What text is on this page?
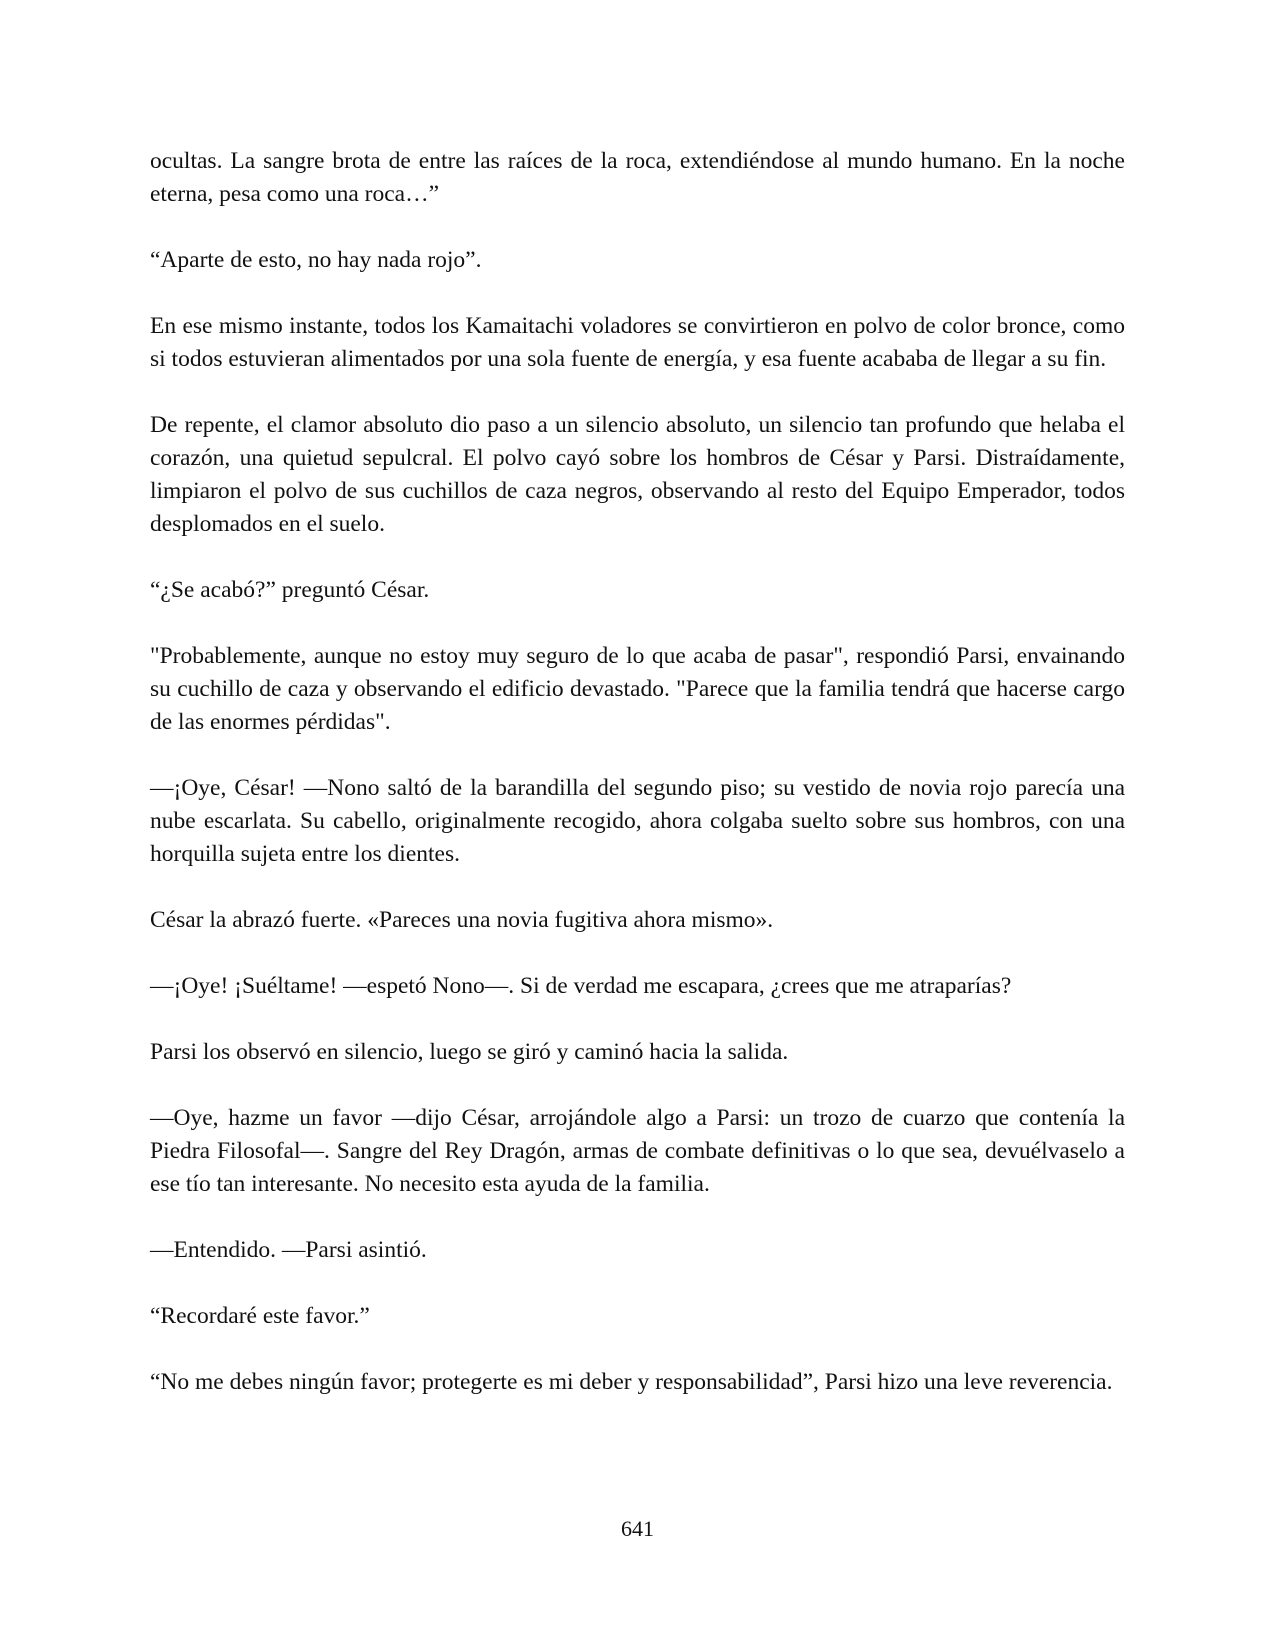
ocultas. La sangre brota de entre las raíces de la roca, extendiéndose al mundo humano. En la noche eterna, pesa como una roca…”

“Aparte de esto, no hay nada rojo”.

En ese mismo instante, todos los Kamaitachi voladores se convirtieron en polvo de color bronce, como si todos estuvieran alimentados por una sola fuente de energía, y esa fuente acababa de llegar a su fin.

De repente, el clamor absoluto dio paso a un silencio absoluto, un silencio tan profundo que helaba el corazón, una quietud sepulcral. El polvo cayó sobre los hombros de César y Parsi. Distraídamente, limpiaron el polvo de sus cuchillos de caza negros, observando al resto del Equipo Emperador, todos desplomados en el suelo.

“¿Se acabó?” preguntó César.

"Probablemente, aunque no estoy muy seguro de lo que acaba de pasar", respondió Parsi, envainando su cuchillo de caza y observando el edificio devastado. "Parece que la familia tendrá que hacerse cargo de las enormes pérdidas".

—¡Oye, César! —Nono saltó de la barandilla del segundo piso; su vestido de novia rojo parecía una nube escarlata. Su cabello, originalmente recogido, ahora colgaba suelto sobre sus hombros, con una horquilla sujeta entre los dientes.

César la abrazó fuerte. «Pareces una novia fugitiva ahora mismo».

—¡Oye! ¡Suéltame! —espetó Nono—. Si de verdad me escapara, ¿crees que me atraparías?

Parsi los observó en silencio, luego se giró y caminó hacia la salida.

—Oye, hazme un favor —dijo César, arrojándole algo a Parsi: un trozo de cuarzo que contenía la Piedra Filosofal—. Sangre del Rey Dragón, armas de combate definitivas o lo que sea, devuélvaselo a ese tío tan interesante. No necesito esta ayuda de la familia.

—Entendido. —Parsi asintió.

“Recordaré este favor.”

“No me debes ningún favor; protegerte es mi deber y responsabilidad”, Parsi hizo una leve reverencia.

641
